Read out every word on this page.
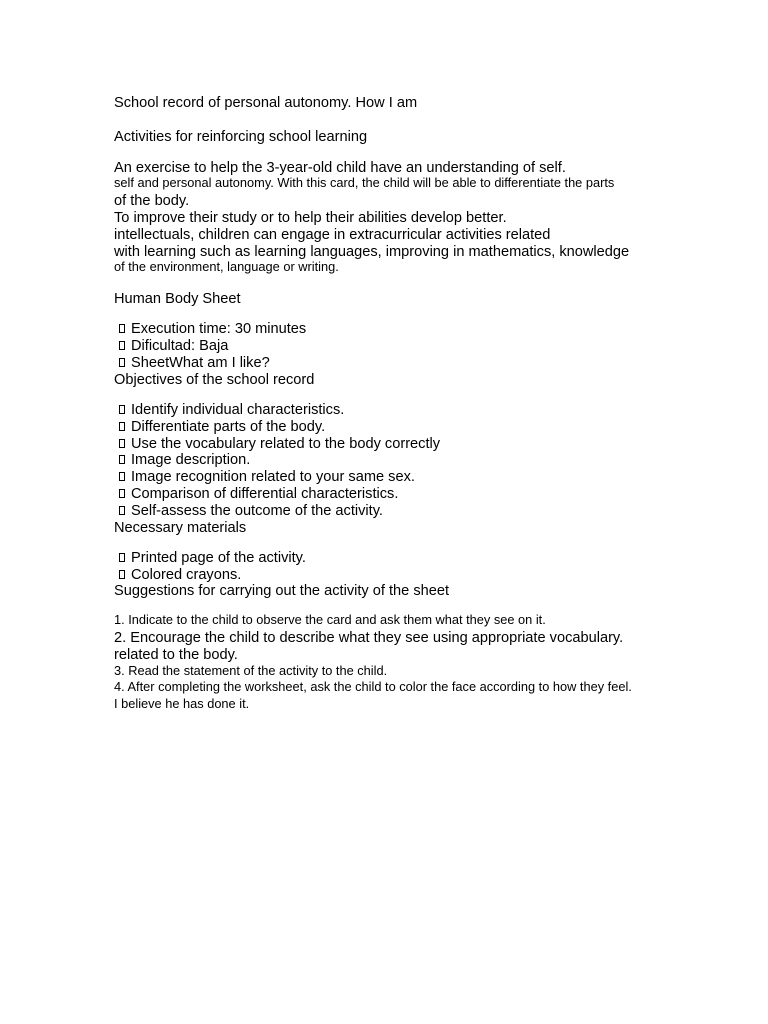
School record of personal autonomy. How I am
Activities for reinforcing school learning
An exercise to help the 3-year-old child have an understanding of self.
self and personal autonomy. With this card, the child will be able to differentiate the parts
of the body.
To improve their study or to help their abilities develop better.
intellectuals, children can engage in extracurricular activities related
with learning such as learning languages, improving in mathematics, knowledge
of the environment, language or writing.
Human Body Sheet
Execution time: 30 minutes
Dificultad: Baja
SheetWhat am I like?
Objectives of the school record
Identify individual characteristics.
Differentiate parts of the body.
Use the vocabulary related to the body correctly
Image description.
Image recognition related to your same sex.
Comparison of differential characteristics.
Self-assess the outcome of the activity.
Necessary materials
Printed page of the activity.
Colored crayons.
Suggestions for carrying out the activity of the sheet
1. Indicate to the child to observe the card and ask them what they see on it.
2. Encourage the child to describe what they see using appropriate vocabulary.
related to the body.
3. Read the statement of the activity to the child.
4. After completing the worksheet, ask the child to color the face according to how they feel.
I believe he has done it.
